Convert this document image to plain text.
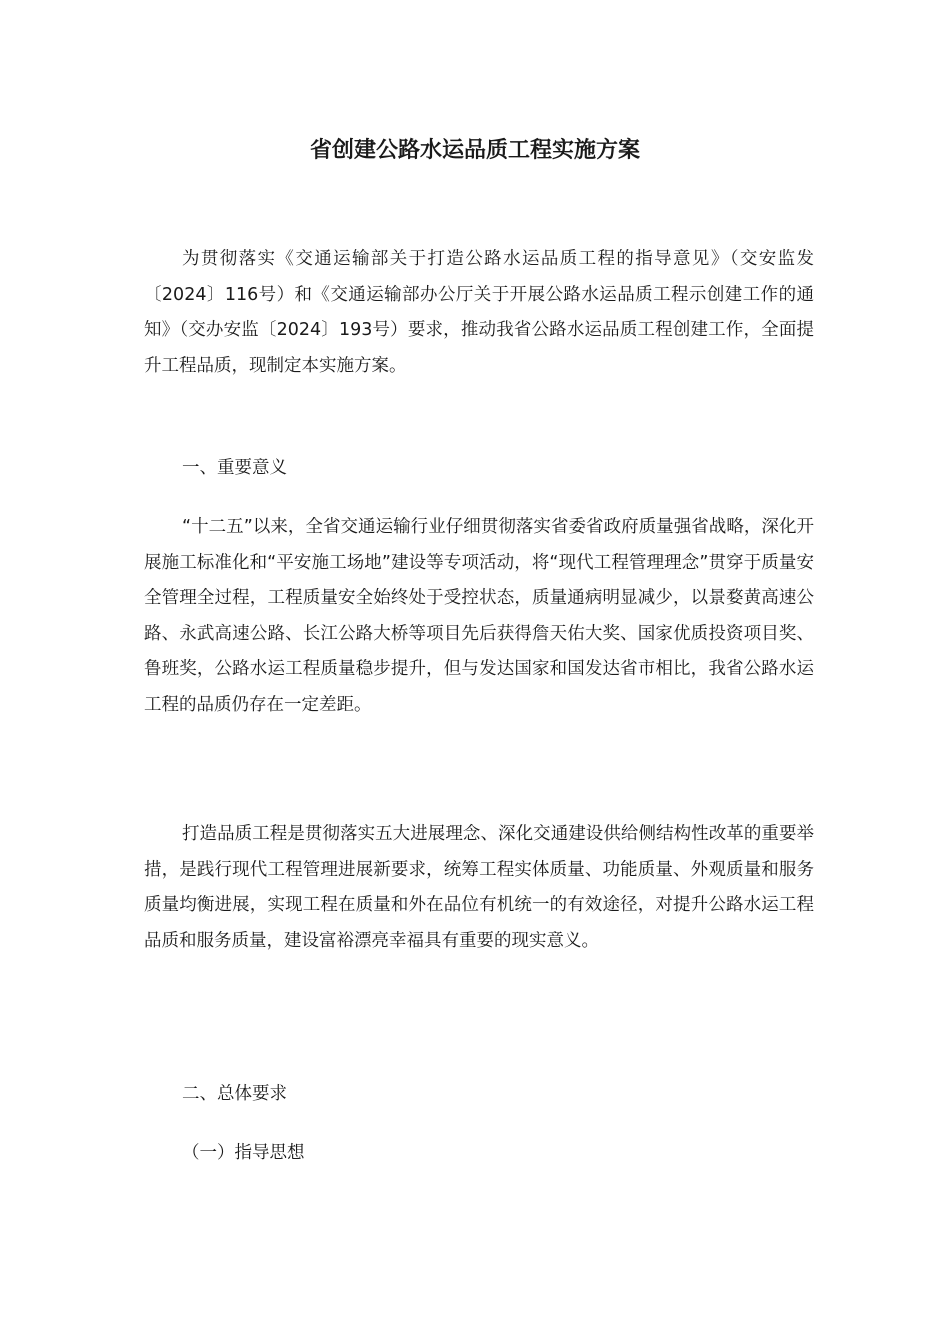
省创建公路水运品质工程实施方案

为贯彻落实《交通运输部关于打造公路水运品质工程的指导意见》（交安监发〔2024〕116号）和《交通运输部办公厅关于开展公路水运品质工程示创建工作的通知》（交办安监〔2024〕193号）要求，推动我省公路水运品质工程创建工作，全面提升工程品质，现制定本实施方案。

一、重要意义

“十二五”以来，全省交通运输行业仔细贯彻落实省委省政府质量强省战略，深化开展施工标准化和“平安施工场地”建设等专项活动，将“现代工程管理理念”贯穿于质量安全管理全过程，工程质量安全始终处于受控状态，质量通病明显减少，以景婺黄高速公路、永武高速公路、长江公路大桥等项目先后获得詹天佑大奖、国家优质投资项目奖、鲁班奖，公路水运工程质量稳步提升，但与发达国家和国发达省市相比，我省公路水运工程的品质仍存在一定差距。

打造品质工程是贯彻落实五大进展理念、深化交通建设供给侧结构性改革的重要举措，是践行现代工程管理进展新要求，统筹工程实体质量、功能质量、外观质量和服务质量均衡进展，实现工程在质量和外在品位有机统一的有效途径，对提升公路水运工程品质和服务质量，建设富裕漂亮幸福具有重要的现实意义。

二、总体要求

（一）指导思想
